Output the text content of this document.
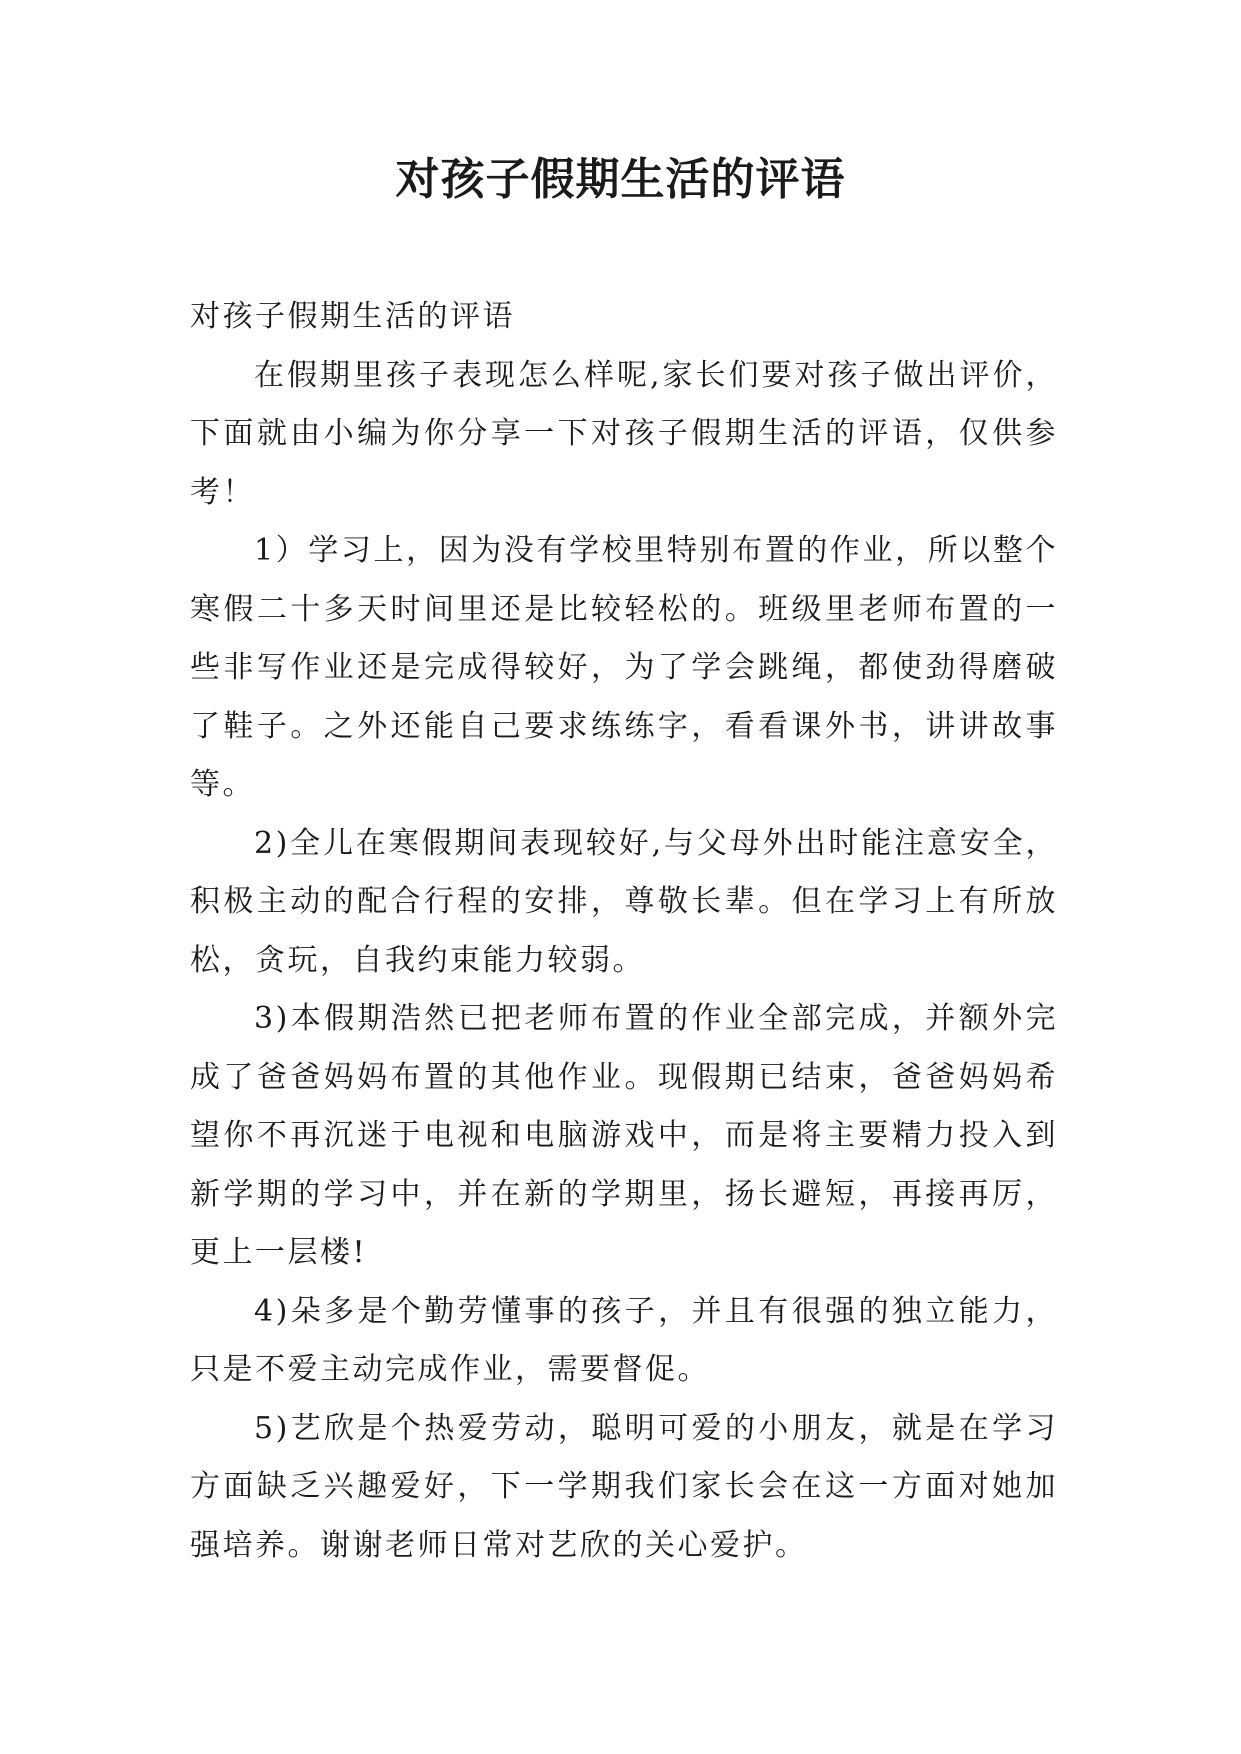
对孩子假期生活的评语

对孩子假期生活的评语

在假期里孩子表现怎么样呢,家长们要对孩子做出评价，下面就由小编为你分享一下对孩子假期生活的评语，仅供参考！

1）学习上，因为没有学校里特别布置的作业，所以整个寒假二十多天时间里还是比较轻松的。班级里老师布置的一些非写作业还是完成得较好，为了学会跳绳，都使劲得磨破了鞋子。之外还能自己要求练练字，看看课外书，讲讲故事等。

2)全儿在寒假期间表现较好,与父母外出时能注意安全，积极主动的配合行程的安排，尊敬长辈。但在学习上有所放松，贪玩，自我约束能力较弱。

3)本假期浩然已把老师布置的作业全部完成，并额外完成了爸爸妈妈布置的其他作业。现假期已结束，爸爸妈妈希望你不再沉迷于电视和电脑游戏中，而是将主要精力投入到新学期的学习中，并在新的学期里，扬长避短，再接再厉，更上一层楼!

4)朵多是个勤劳懂事的孩子，并且有很强的独立能力，只是不爱主动完成作业，需要督促。

5)艺欣是个热爱劳动，聪明可爱的小朋友，就是在学习方面缺乏兴趣爱好，下一学期我们家长会在这一方面对她加强培养。谢谢老师日常对艺欣的关心爱护。
